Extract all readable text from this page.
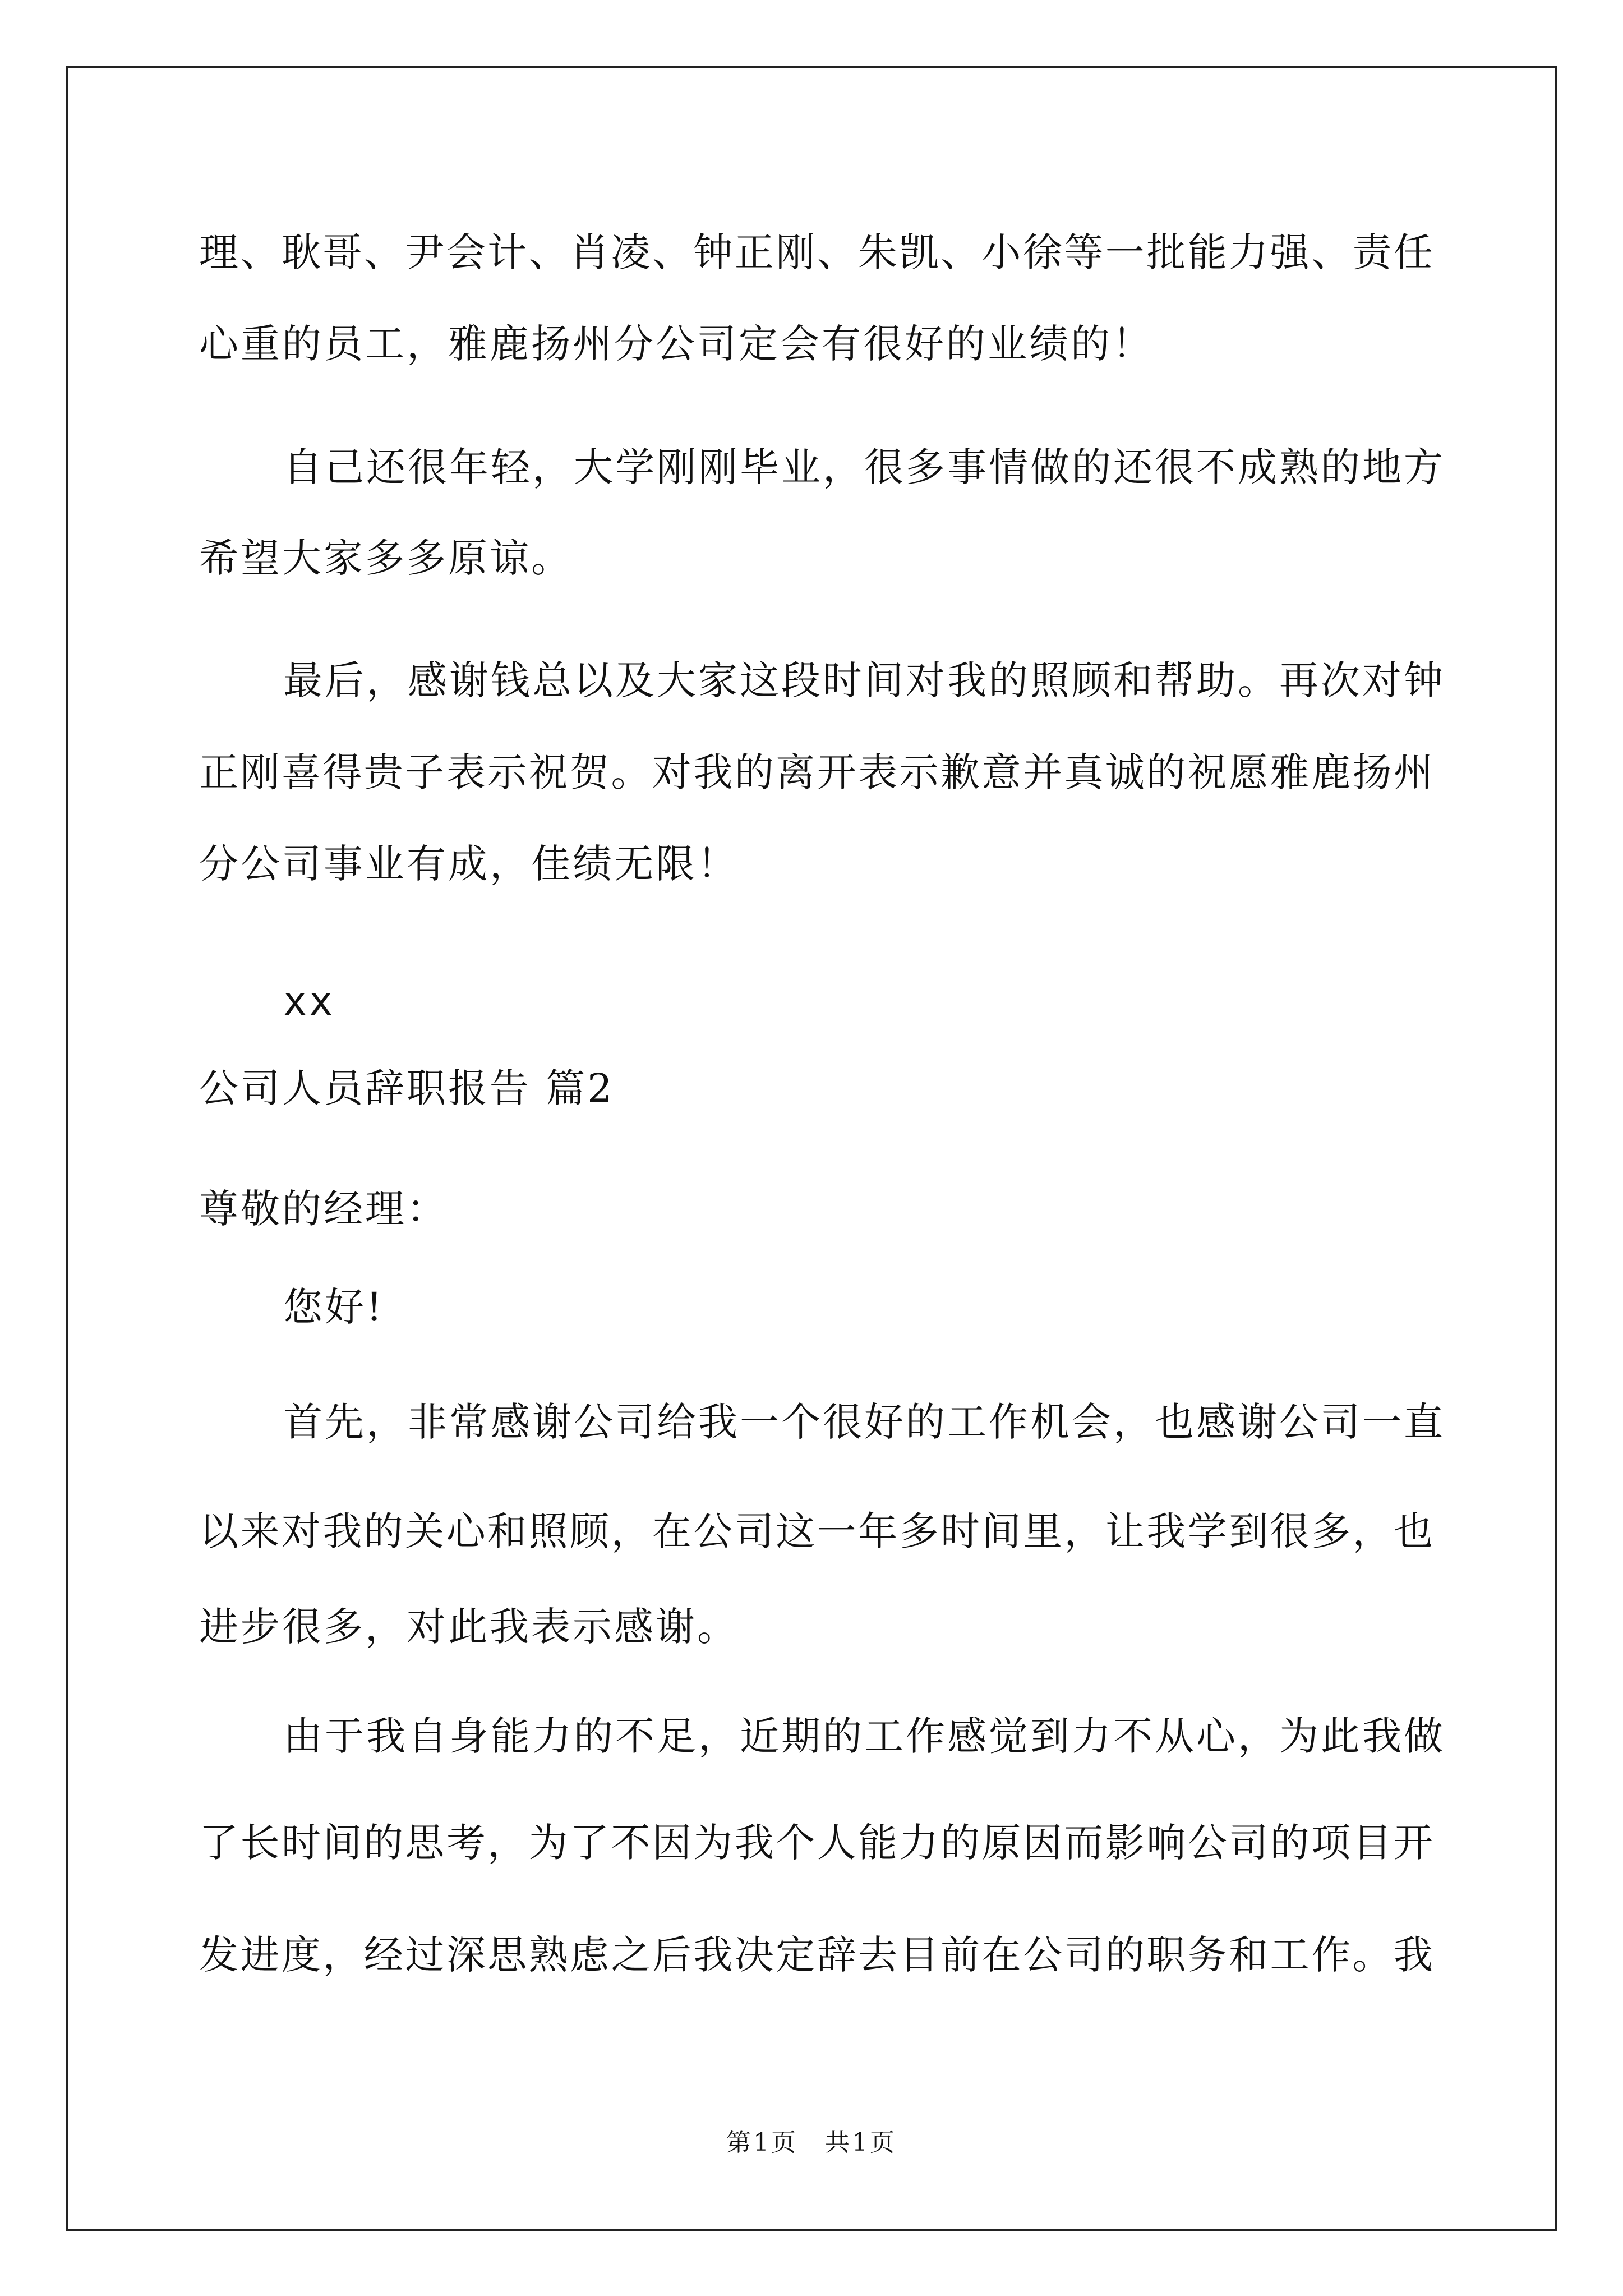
理、耿哥、尹会计、肖凌、钟正刚、朱凯、小徐等一批能力强、责任
心重的员工，雅鹿扬州分公司定会有很好的业绩的！
自己还很年轻，大学刚刚毕业，很多事情做的还很不成熟的地方
希望大家多多原谅。
最后，感谢钱总以及大家这段时间对我的照顾和帮助。再次对钟
正刚喜得贵子表示祝贺。对我的离开表示歉意并真诚的祝愿雅鹿扬州
分公司事业有成，佳绩无限！
xx
公司人员辞职报告 篇2
尊敬的经理：
您好!
首先，非常感谢公司给我一个很好的工作机会，也感谢公司一直
以来对我的关心和照顾，在公司这一年多时间里，让我学到很多，也
进步很多，对此我表示感谢。
由于我自身能力的不足，近期的工作感觉到力不从心，为此我做
了长时间的思考，为了不因为我个人能力的原因而影响公司的项目开
发进度，经过深思熟虑之后我决定辞去目前在公司的职务和工作。我
第1页　共1页
